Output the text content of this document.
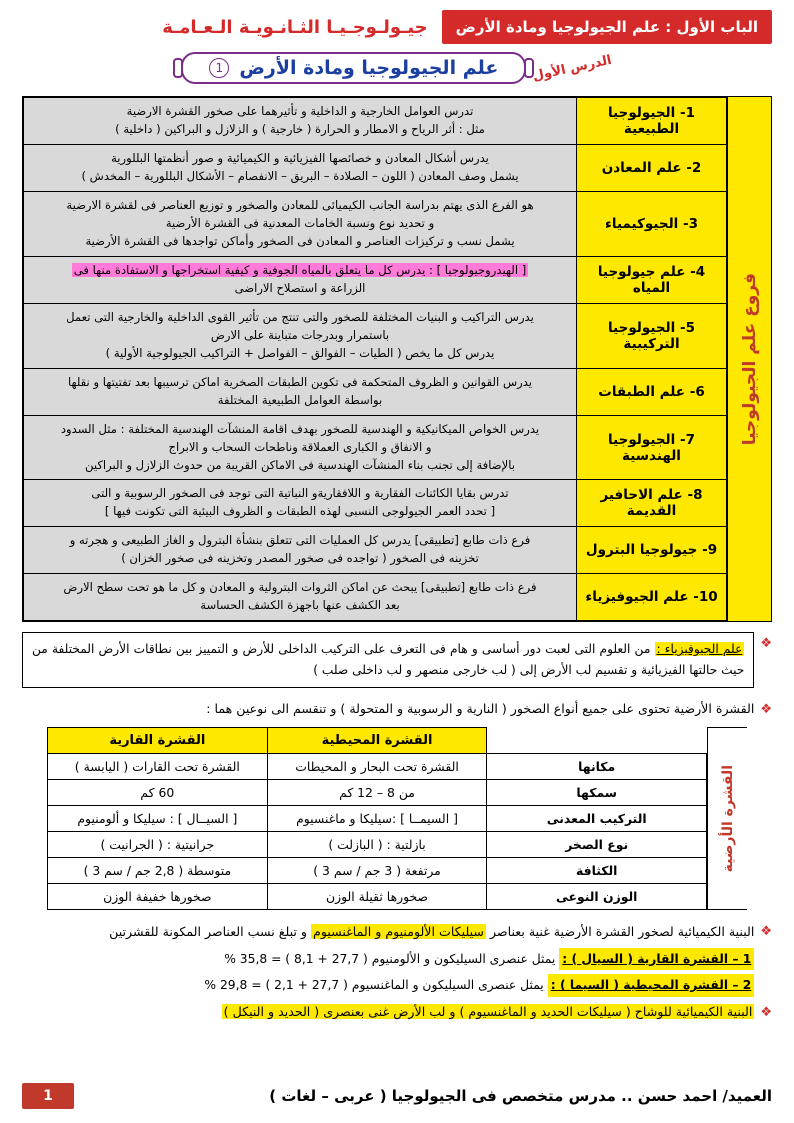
الباب الأول : علم الجيولوجيا ومادة الأرض
جيـولـوجـيـا الثـانـويـة الـعـامـة
الدرس الأول
علم الجيولوجيا ومادة الأرض
1
فروع علم الجيولوجيا
1- الجيولوجيا الطبيعية	تدرس العوامل الخارجية و الداخلية و تأثيرهما على صخور القشرة الارضية
مثل : أثر الرياح و الامطار و الحرارة ( خارجية ) و الزلازل و البراكين ( داخلية )

2- علم المعادن	يدرس أشكال المعادن و خصائصها الفيزيائية و الكيميائية و صور أنظمتها البللورية
يشمل وصف المعادن ( اللون – الصلادة – البريق – الانفصام – الأشكال البللورية – المخدش )

3- الجيوكيمياء	هو الفرع الذى يهتم بدراسة الجانب الكيميائى للمعادن والصخور و توزيع العناصر فى لقشرة الارضية
و تحديد نوع ونسبة الخامات المعدنية فى القشرة الأرضية
يشمل نسب و تركيزات العناصر و المعادن فى الصخور وأماكن تواجدها فى القشرة الأرضية

4- علم جيولوجيا المياه	[ الهيدروجيولوجيا ] : يدرس كل ما يتعلق بالمياه الجوفية و كيفية استخراجها و الاستفادة منها فى
الزراعة و استصلاح الاراضى

5- الجيولوجيا التركيبية	يدرس التراكيب و البنيات المختلفة للصخور والتى تنتج من تأثير القوى الداخلية والخارجية التى تعمل
باستمرار وبدرجات متباينة على الارض
يدرس كل ما يخص ( الطيات – الفوالق – الفواصل + التراكيب الجيولوجية الأولية )

6- علم الطبقات	يدرس القوانين و الظروف المتحكمة فى تكوين الطبقات الصخرية اماكن ترسيبها بعد تفتيتها و نقلها
بواسطة العوامل الطبيعية المختلفة

7- الجيولوجيا الهندسية	يدرس الخواص الميكانيكية و الهندسية للصخور بهدف اقامة المنشآت الهندسية المختلفة : مثل السدود
و الانفاق و الكبارى العملاقة وناطحات السحاب و الابراج
بالإضافة إلى تجنب بناء المنشآت الهندسية فى الاماكن القريبة من حدوث الزلازل و البراكين

8- علم الاحافير القديمة	تدرس بقايا الكائنات الفقارية و اللافقاريةو النباتية التى توجد فى الصخور الرسوبية و التى
[ تحدد العمر الجيولوجى النسبى لهذه الطبقات و الظروف البيئية التى تكونت فيها ]

9- جيولوجيا البترول	فرع ذات طابع [تطبيقى] يدرس كل العمليات التى تتعلق بنشأة البترول و الغاز الطبيعى و هجرته و
تخزينه فى الصخور ( تواجده فى صخور المصدر وتخزينه فى صخور الخزان )

10- علم الجيوفيزياء	فرع ذات طابع [تطبيقى] يبحث عن اماكن الثروات البترولية و المعادن و كل ما هو تحت سطح الارض
بعد الكشف عنها باجهزة الكشف الحساسة
❖
علم الجيوفيزياء : من العلوم التى لعبت دور أساسى و هام فى التعرف على التركيب الداخلى للأرض و التمييز بين نطاقات الأرض المختلفة من حيث حالتها الفيزيائية و تقسيم لب الأرض إلى ( لب خارجى منصهر و لب داخلى صلب )
❖
القشرة الأرضية تحتوى على جميع أنواع الصخور ( النارية و الرسوبية و المتحولة ) و تنقسم الى نوعين هما :
القشرة الأرضية
	القشرة المحيطية	القشرة القارية
مكانها	القشرة تحت البحار و المحيطات	القشرة تحت القارات ( اليابسة )
سمكها	من 8 – 12 كم	60 كم
التركيب المعدنى	[ السيمــا ] :سيليكا و ماغنسيوم	[ السيــال ] : سيليكا و ألومنيوم
نوع الصخر	بازلتية : ( البازلت )	جرانيتية : ( الجرانيت )
الكثافة	مرتفعة ( 3 جم / سم 3 )	متوسطة ( 2,8 جم / سم 3 )
الوزن النوعى	صخورها ثقيلة الوزن	صخورها خفيفة الوزن
❖
البنية الكيميائية لصخور القشرة الأرضية غنية بعناصر سيليكات الألومنيوم و الماغنسيوم و تبلغ نسب العناصر المكونة للقشرتين
1 – القشرة القارية ( السيال ) : يمثل عنصرى السيليكون و الألومنيوم ( 27,7 + 8,1 ) = 35,8 %
2 – القشرة المحيطية ( السيما ) : يمثل عنصرى السيليكون و الماغنسيوم ( 27,7 + 2,1 ) = 29,8 %
❖
البنية الكيميائية للوشاح ( سيليكات الحديد و الماغنسيوم ) و لب الأرض غنى بعنصرى ( الحديد و النيكل )
العميد/ احمد حسن .. مدرس متخصص فى الجيولوجيا ( عربى – لغات )
1
